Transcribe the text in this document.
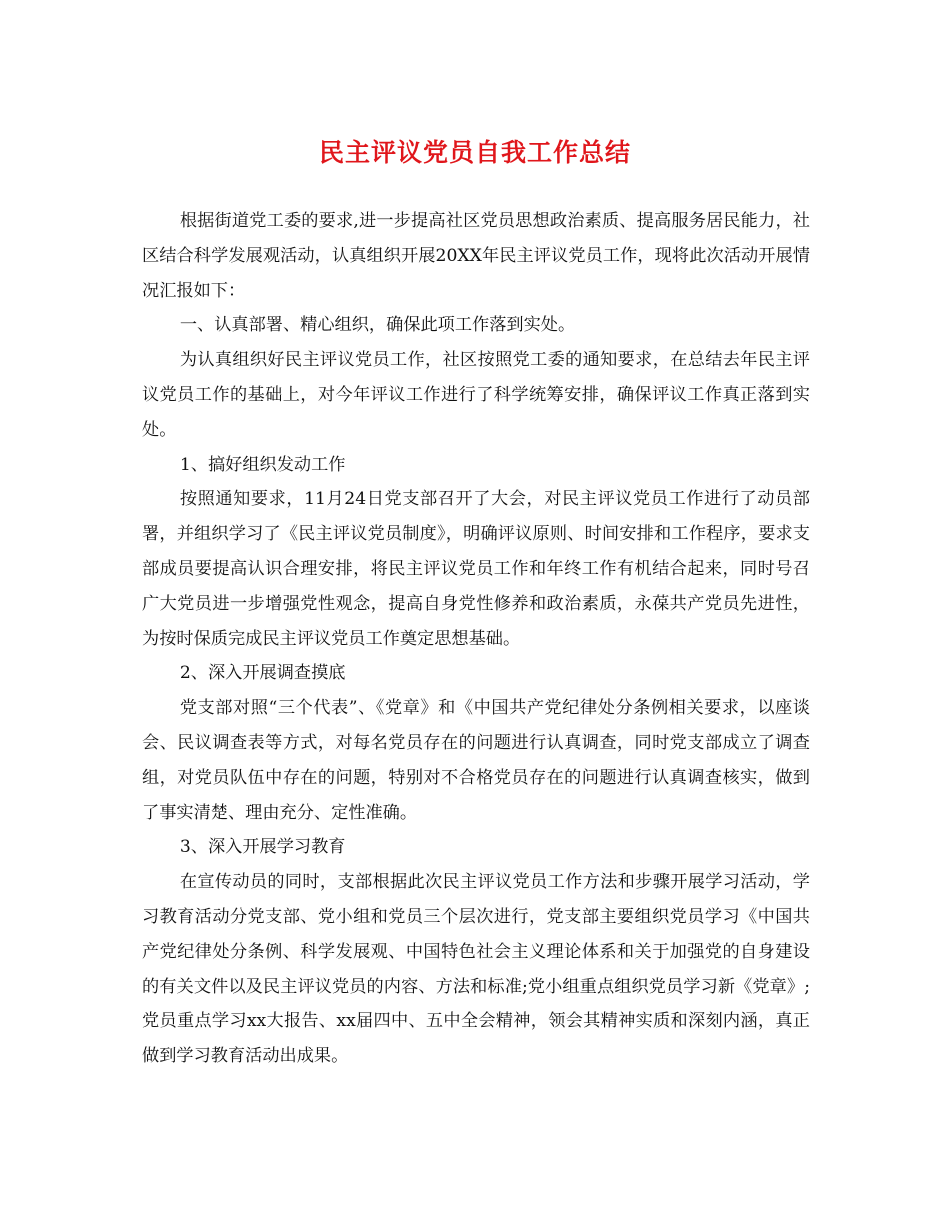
民主评议党员自我工作总结

根据街道党工委的要求,进一步提高社区党员思想政治素质、提高服务居民能力，社区结合科学发展观活动，认真组织开展20XX年民主评议党员工作，现将此次活动开展情况汇报如下：

一、认真部署、精心组织，确保此项工作落到实处。

为认真组织好民主评议党员工作，社区按照党工委的通知要求，在总结去年民主评议党员工作的基础上，对今年评议工作进行了科学统筹安排，确保评议工作真正落到实处。

1、搞好组织发动工作

按照通知要求，11月24日党支部召开了大会，对民主评议党员工作进行了动员部署，并组织学习了《民主评议党员制度》，明确评议原则、时间安排和工作程序，要求支部成员要提高认识合理安排，将民主评议党员工作和年终工作有机结合起来，同时号召广大党员进一步增强党性观念，提高自身党性修养和政治素质，永葆共产党员先进性，为按时保质完成民主评议党员工作奠定思想基础。

2、深入开展调查摸底

党支部对照“三个代表”、《党章》和《中国共产党纪律处分条例相关要求，以座谈会、民议调查表等方式，对每名党员存在的问题进行认真调查，同时党支部成立了调查组，对党员队伍中存在的问题，特别对不合格党员存在的问题进行认真调查核实，做到了事实清楚、理由充分、定性准确。

3、深入开展学习教育

在宣传动员的同时，支部根据此次民主评议党员工作方法和步骤开展学习活动，学习教育活动分党支部、党小组和党员三个层次进行，党支部主要组织党员学习《中国共产党纪律处分条例、科学发展观、中国特色社会主义理论体系和关于加强党的自身建设的有关文件以及民主评议党员的内容、方法和标准;党小组重点组织党员学习新《党章》;党员重点学习xx大报告、xx届四中、五中全会精神，领会其精神实质和深刻内涵，真正做到学习教育活动出成果。
